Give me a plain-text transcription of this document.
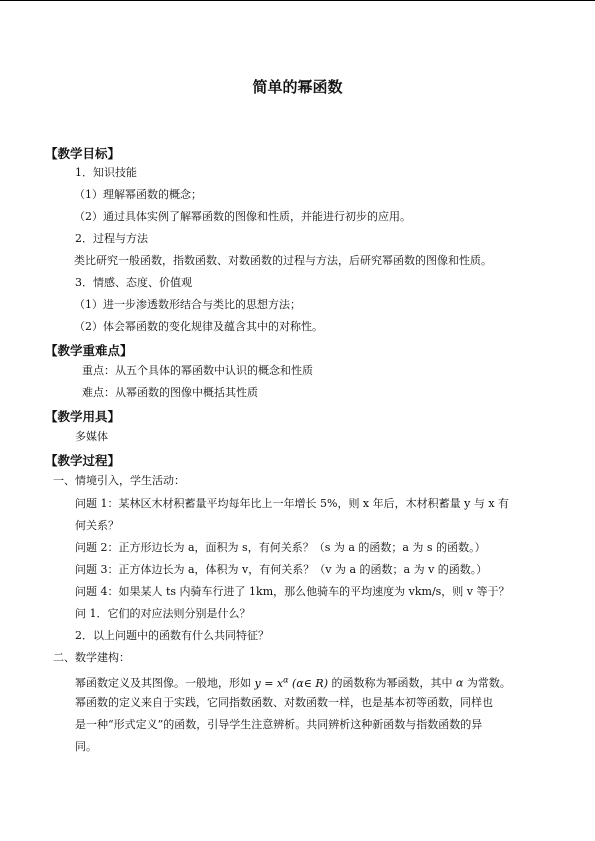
简单的幂函数
【教学目标】
1．知识技能
（1）理解幂函数的概念；
（2）通过具体实例了解幂函数的图像和性质，并能进行初步的应用。
2．过程与方法
类比研究一般函数，指数函数、对数函数的过程与方法，后研究幂函数的图像和性质。
3．情感、态度、价值观
（1）进一步渗透数形结合与类比的思想方法；
（2）体会幂函数的变化规律及蕴含其中的对称性。
【教学重难点】
重点：从五个具体的幂函数中认识的概念和性质
难点：从幂函数的图像中概括其性质
【教学用具】
多媒体
【教学过程】
一、情境引入，学生活动：
问题 1：某林区木材积蓄量平均每年比上一年增长 5%，则 x 年后，木材积蓄量 y 与 x 有
何关系？
问题 2：正方形边长为 a，面积为 s，有何关系？（s 为 a 的函数；a 为 s 的函数。）
问题 3：正方体边长为 a，体积为 v，有何关系？（v 为 a 的函数；a 为 v 的函数。）
问题 4：如果某人 ts 内骑车行进了 1km，那么他骑车的平均速度为 vkm/s，则 v 等于？
问 1．它们的对应法则分别是什么？
2．以上问题中的函数有什么共同特征？
二、数学建构：
幂函数定义及其图像。一般地，形如 $y = x^\alpha$ (α∈ R) 的函数称为幂函数，其中 α 为常数。
幂函数的定义来自于实践，它同指数函数、对数函数一样，也是基本初等函数，同样也
是一种“形式定义”的函数，引导学生注意辨析。共同辨析这种新函数与指数函数的异
同。
